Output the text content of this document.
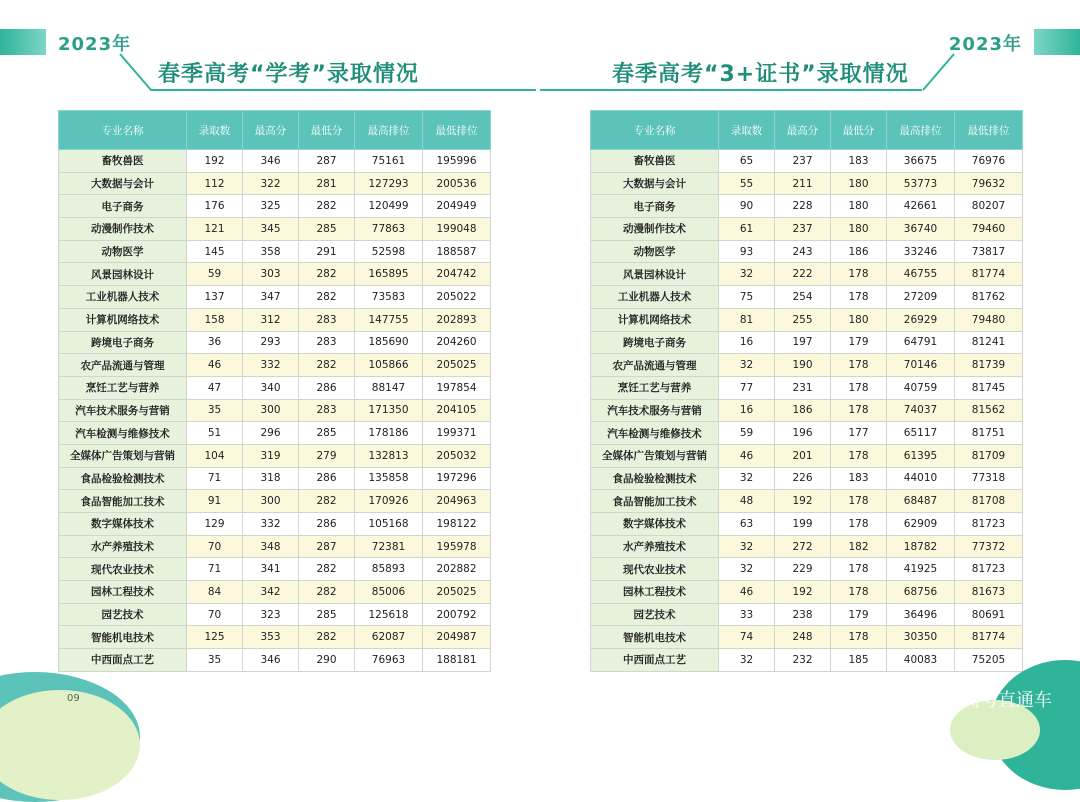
2023年
春季高考“学考”录取情况
2023年
春季高考“3+证书”录取情况
专业名称	录取数	最高分	最低分	最高排位	最低排位
畜牧兽医	192	346	287	75161	195996
大数据与会计	112	322	281	127293	200536
电子商务	176	325	282	120499	204949
动漫制作技术	121	345	285	77863	199048
动物医学	145	358	291	52598	188587
风景园林设计	59	303	282	165895	204742
工业机器人技术	137	347	282	73583	205022
计算机网络技术	158	312	283	147755	202893
跨境电子商务	36	293	283	185690	204260
农产品流通与管理	46	332	282	105866	205025
烹饪工艺与营养	47	340	286	88147	197854
汽车技术服务与营销	35	300	283	171350	204105
汽车检测与维修技术	51	296	285	178186	199371
全媒体广告策划与营销	104	319	279	132813	205032
食品检验检测技术	71	318	286	135858	197296
食品智能加工技术	91	300	282	170926	204963
数字媒体技术	129	332	286	105168	198122
水产养殖技术	70	348	287	72381	195978
现代农业技术	71	341	282	85893	202882
园林工程技术	84	342	282	85006	205025
园艺技术	70	323	285	125618	200792
智能机电技术	125	353	282	62087	204987
中西面点工艺	35	346	290	76963	188181
专业名称	录取数	最高分	最低分	最高排位	最低排位
畜牧兽医	65	237	183	36675	76976
大数据与会计	55	211	180	53773	79632
电子商务	90	228	180	42661	80207
动漫制作技术	61	237	180	36740	79460
动物医学	93	243	186	33246	73817
风景园林设计	32	222	178	46755	81774
工业机器人技术	75	254	178	27209	81762
计算机网络技术	81	255	180	26929	79480
跨境电子商务	16	197	179	64791	81241
农产品流通与管理	32	190	178	70146	81739
烹饪工艺与营养	77	231	178	40759	81745
汽车技术服务与营销	16	186	178	74037	81562
汽车检测与维修技术	59	196	177	65117	81751
全媒体广告策划与营销	46	201	178	61395	81709
食品检验检测技术	32	226	183	44010	77318
食品智能加工技术	48	192	178	68487	81708
数字媒体技术	63	199	178	62909	81723
水产养殖技术	32	272	182	18782	77372
现代农业技术	32	229	178	41925	81723
园林工程技术	46	192	178	68756	81673
园艺技术	33	238	179	36496	80691
智能机电技术	74	248	178	30350	81774
中西面点工艺	32	232	185	40083	75205
09	高考直通车
